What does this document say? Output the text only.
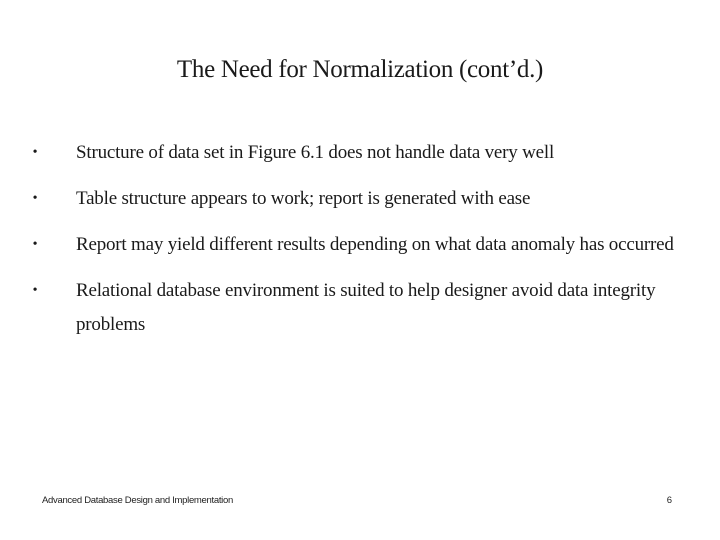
The Need for Normalization (cont’d.)
• Structure of data set in Figure 6.1 does not handle data very well
• Table structure appears to work; report is generated with ease
• Report may yield different results depending on what data anomaly has occurred
• Relational database environment is suited to help designer avoid data integrity problems
Advanced Database Design and Implementation	6
